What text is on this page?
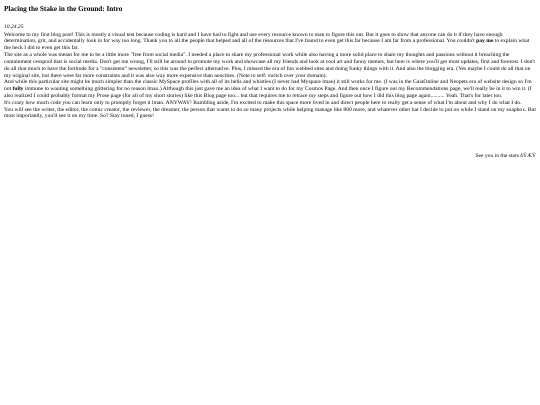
Placing the Stake in the Ground: Intro
10.24.25

Welcome to my first blog post! This is mostly a visual test because coding is hard and I have had to fight and use every resource known to man to figure this out. But it goes to show that anyone can do it if they have enough determination, grit, and accidentally look in for way too long. Thank you to all the people that helped and all of the resources that I've found to even get this far because I am far from a professional. You couldn't pay me to explain what the heck I did to even get this far.

The site as a whole was meant for me to be a little more "free from social media". I needed a place to share my professional work while also having a more solid place to share my thoughts and passions without it breaching the containment cesspool that is social media. Don't get me wrong, I'll still be around to promote my work and showcase all my friends and look at cool art and funny memes, but here is where you'll get most updates, first and forerost. I don't do all that much to have the fortitude for a "consistent" newsletter, so this was the perfect alternative. Plus, I missed the era of fun webbed sites and doing funky things with it. And also the blogging era. (Yes maybe I could do all that on my original site, but there were far more constraints and it was also way more expensive than neocities. (Note to self: switch over your domain).

And while this particular site might be much simpler than the classic MySpace profiles with all of its bells and whistles (I never had Myspace lmao) it still works for me. (I was in the GaiaOnline and Neopets era of website design so I'm not fully immune to wanting something glittering for no reason lmao.) Although this just gave me an idea of what I want to do for my Cosmos Page. And then once I figure out my Recommendations page, we'll really be in it to win it. (I also realized I could probably format my Prose page (for all of my short stories) like this Blog page too... but that requires me to retrace my steps and figure out how I did this blog page again.......... Yeah. That's for later too.

It's crazy how much code you can learn only to promptly forget it lmao. ANYWAY! Rambling aside, I'm excited to make this space more lived in and direct people here to really get a sense of what I'm about and why I do what I do.

You will see the writer, the editor, the comic creator, the reviewer, the dreamer, the person that wants to do so many projects while helping manage like 800 more, and whatever other hat I decide to put on while I stand on my soapbox. But most importantly, you'll see it on my time. So? Stay tuned, I guess!

See you in the stars δŸÆŸ
